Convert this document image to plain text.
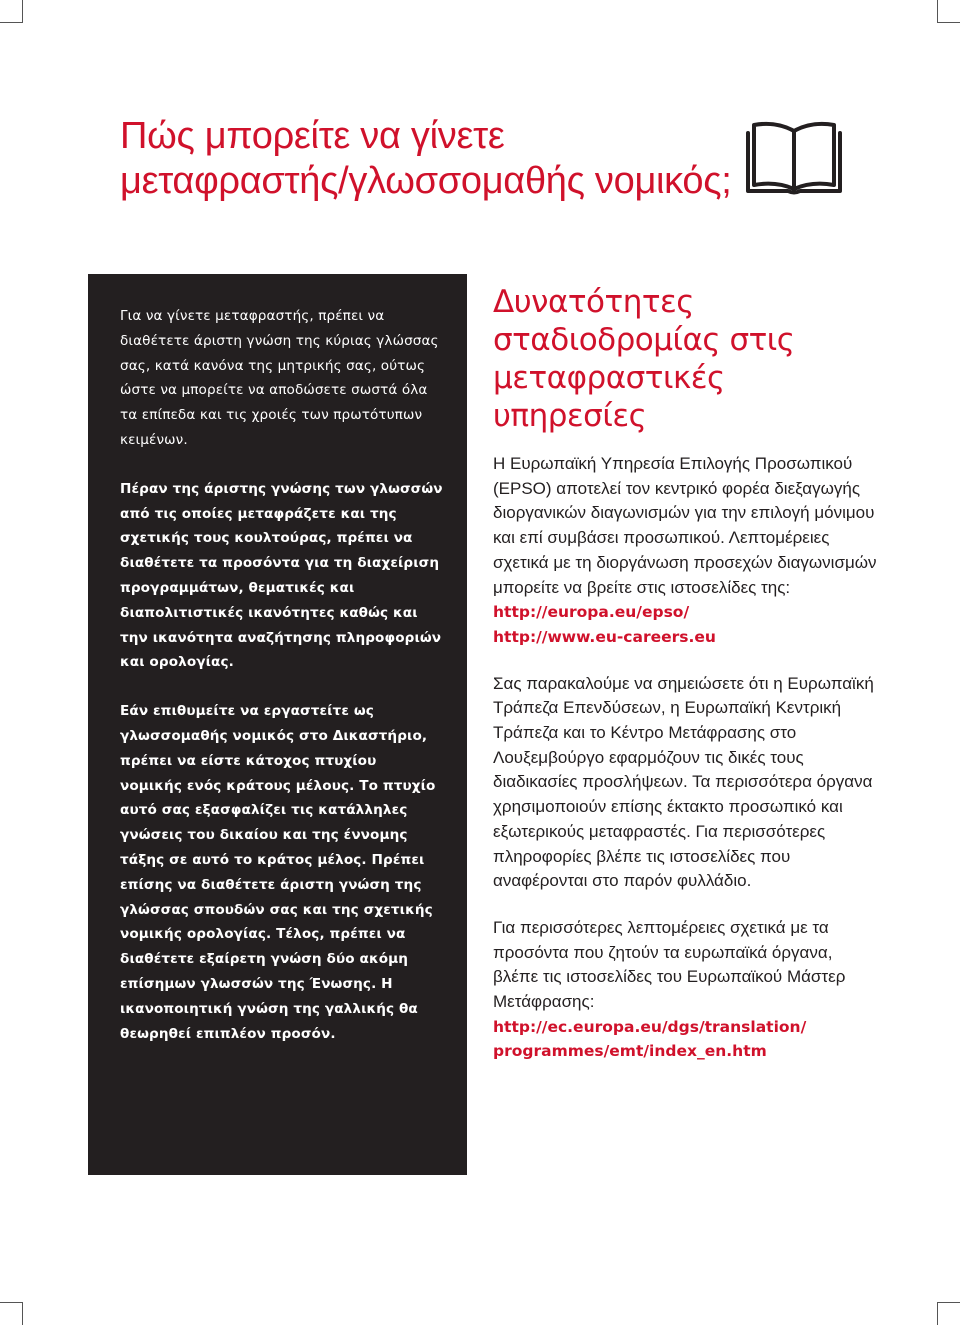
Πώς μπορείτε να γίνετε μεταφραστής/γλωσσομαθής νομικός;

Για να γίνετε μεταφραστής, πρέπει να διαθέτετε άριστη γνώση της κύριας γλώσσας σας, κατά κανόνα της μητρικής σας, ούτως ώστε να μπορείτε να αποδώσετε σωστά όλα τα επίπεδα και τις χροιές των πρωτότυπων κειμένων.

Πέραν της άριστης γνώσης των γλωσσών από τις οποίες μεταφράζετε και της σχετικής τους κουλτούρας, πρέπει να διαθέτετε τα προσόντα για τη διαχείριση προγραμμάτων, θεματικές και διαπολιτιστικές ικανότητες καθώς και την ικανότητα αναζήτησης πληροφοριών και ορολογίας.

Εάν επιθυμείτε να εργαστείτε ως γλωσσομαθής νομικός στο Δικαστήριο, πρέπει να είστε κάτοχος πτυχίου νομικής ενός κράτους μέλους. Το πτυχίο αυτό σας εξασφαλίζει τις κατάλληλες γνώσεις του δικαίου και της έννομης τάξης σε αυτό το κράτος μέλος. Πρέπει επίσης να διαθέτετε άριστη γνώση της γλώσσας σπουδών σας και της σχετικής νομικής ορολογίας. Τέλος, πρέπει να διαθέτετε εξαίρετη γνώση δύο ακόμη επίσημων γλωσσών της Ένωσης. Η ικανοποιητική γνώση της γαλλικής θα θεωρηθεί επιπλέον προσόν.

Δυνατότητες σταδιοδρομίας στις μεταφραστικές υπηρεσίες

Η Ευρωπαϊκή Υπηρεσία Επιλογής Προσωπικού (EPSO) αποτελεί τον κεντρικό φορέα διεξαγωγής διοργανικών διαγωνισμών για την επιλογή μόνιμου και επί συμβάσει προσωπικού. Λεπτομέρειες σχετικά με τη διοργάνωση προσεχών διαγωνισμών μπορείτε να βρείτε στις ιστοσελίδες της:
http://europa.eu/epso/
http://www.eu-careers.eu

Σας παρακαλούμε να σημειώσετε ότι η Ευρωπαϊκή Τράπεζα Επενδύσεων, η Ευρωπαϊκή Κεντρική Τράπεζα και το Κέντρο Μετάφρασης στο Λουξεμβούργο εφαρμόζουν τις δικές τους διαδικασίες προσλήψεων. Τα περισσότερα όργανα χρησιμοποιούν επίσης έκτακτο προσωπικό και εξωτερικούς μεταφραστές. Για περισσότερες πληροφορίες βλέπε τις ιστοσελίδες που αναφέρονται στο παρόν φυλλάδιο.

Για περισσότερες λεπτομέρειες σχετικά με τα προσόντα που ζητούν τα ευρωπαϊκά όργανα, βλέπε τις ιστοσελίδες του Ευρωπαϊκού Μάστερ Μετάφρασης:
http://ec.europa.eu/dgs/translation/
programmes/emt/index_en.htm
